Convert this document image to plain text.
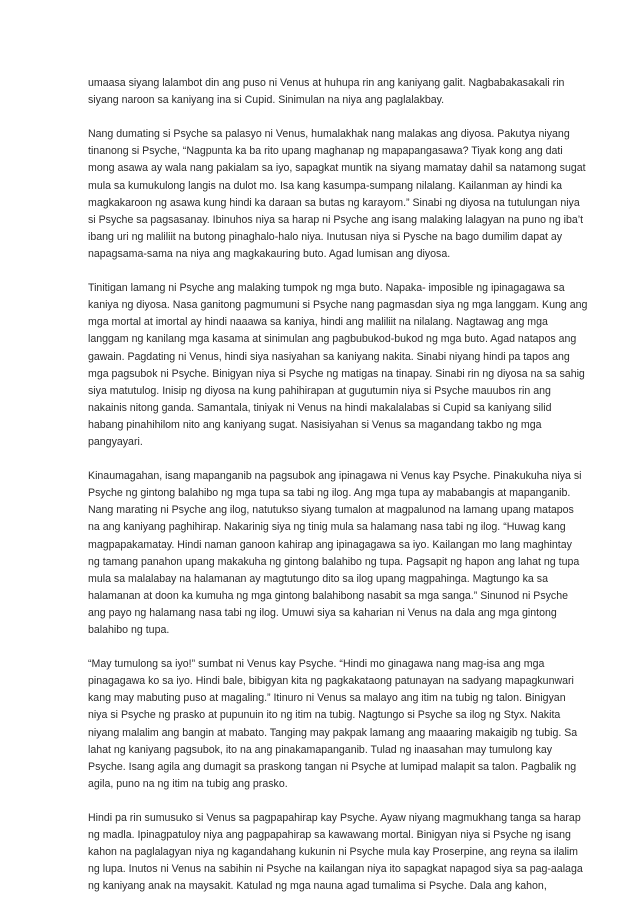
umaasa siyang lalambot din ang puso ni Venus at huhupa rin ang kaniyang galit. Nagbabakasakali rin
siyang naroon sa kaniyang ina si Cupid. Sinimulan na niya ang paglalakbay.
Nang dumating si Psyche sa palasyo ni Venus, humalakhak nang malakas ang diyosa. Pakutya niyang
tinanong si Psyche, “Nagpunta ka ba rito upang maghanap ng mapapangasawa? Tiyak kong ang dati
mong asawa ay wala nang pakialam sa iyo, sapagkat muntik na siyang mamatay dahil sa natamong sugat
mula sa kumukulong langis na dulot mo. Isa kang kasumpa-sumpang nilalang. Kailanman ay hindi ka
magkakaroon ng asawa kung hindi ka daraan sa butas ng karayom.” Sinabi ng diyosa na tutulungan niya
si Psyche sa pagsasanay. Ibinuhos niya sa harap ni Psyche ang isang malaking lalagyan na puno ng iba’t
ibang uri ng maliliit na butong pinaghalo-halo niya. Inutusan niya si Pysche na bago dumilim dapat ay
napagsama-sama na niya ang magkakauring buto. Agad lumisan ang diyosa.
Tinitigan lamang ni Psyche ang malaking tumpok ng mga buto. Napaka- imposible ng ipinagagawa sa
kaniya ng diyosa. Nasa ganitong pagmumuni si Psyche nang pagmasdan siya ng mga langgam. Kung ang
mga mortal at imortal ay hindi naaawa sa kaniya, hindi ang maliliit na nilalang. Nagtawag ang mga
langgam ng kanilang mga kasama at sinimulan ang pagbubukod-bukod ng mga buto. Agad natapos ang
gawain. Pagdating ni Venus, hindi siya nasiyahan sa kaniyang nakita. Sinabi niyang hindi pa tapos ang
mga pagsubok ni Psyche. Binigyan niya si Psyche ng matigas na tinapay. Sinabi rin ng diyosa na sa sahig
siya matutulog. Inisip ng diyosa na kung pahihirapan at gugutumin niya si Psyche mauubos rin ang
nakainis nitong ganda. Samantala, tiniyak ni Venus na hindi makalalabas si Cupid sa kaniyang silid
habang pinahihilom nito ang kaniyang sugat. Nasisiyahan si Venus sa magandang takbo ng mga
pangyayari.
Kinaumagahan, isang mapanganib na pagsubok ang ipinagawa ni Venus kay Psyche. Pinakukuha niya si
Psyche ng gintong balahibo ng mga tupa sa tabi ng ilog. Ang mga tupa ay mababangis at mapanganib.
Nang marating ni Psyche ang ilog, natutukso siyang tumalon at magpalunod na lamang upang matapos
na ang kaniyang paghihirap. Nakarinig siya ng tinig mula sa halamang nasa tabi ng ilog. “Huwag kang
magpapakamatay. Hindi naman ganoon kahirap ang ipinagagawa sa iyo. Kailangan mo lang maghintay
ng tamang panahon upang makakuha ng gintong balahibo ng tupa. Pagsapit ng hapon ang lahat ng tupa
mula sa malalabay na halamanan ay magtutungo dito sa ilog upang magpahinga. Magtungo ka sa
halamanan at doon ka kumuha ng mga gintong balahibong nasabit sa mga sanga.” Sinunod ni Psyche
ang payo ng halamang nasa tabi ng ilog. Umuwi siya sa kaharian ni Venus na dala ang mga gintong
balahibo ng tupa.
“May tumulong sa iyo!” sumbat ni Venus kay Psyche. “Hindi mo ginagawa nang mag-isa ang mga
pinagagawa ko sa iyo. Hindi bale, bibigyan kita ng pagkakataong patunayan na sadyang mapagkunwari
kang may mabuting puso at magaling.” Itinuro ni Venus sa malayo ang itim na tubig ng talon. Binigyan
niya si Psyche ng prasko at pupunuin ito ng itim na tubig. Nagtungo si Psyche sa ilog ng Styx. Nakita
niyang malalim ang bangin at mabato. Tanging may pakpak lamang ang maaaring makaigib ng tubig. Sa
lahat ng kaniyang pagsubok, ito na ang pinakamapanganib. Tulad ng inaasahan may tumulong kay
Psyche. Isang agila ang dumagit sa praskong tangan ni Psyche at lumipad malapit sa talon. Pagbalik ng
agila, puno na ng itim na tubig ang prasko.
Hindi pa rin sumusuko si Venus sa pagpapahirap kay Psyche. Ayaw niyang magmukhang tanga sa harap
ng madla. Ipinagpatuloy niya ang pagpapahirap sa kawawang mortal. Binigyan niya si Psyche ng isang
kahon na paglalagyan niya ng kagandahang kukunin ni Psyche mula kay Proserpine, ang reyna sa ilalim
ng lupa. Inutos ni Venus na sabihin ni Psyche na kailangan niya ito sapagkat napagod siya sa pag-aalaga
ng kaniyang anak na maysakit. Katulad ng mga nauna agad tumalima si Psyche. Dala ang kahon,
